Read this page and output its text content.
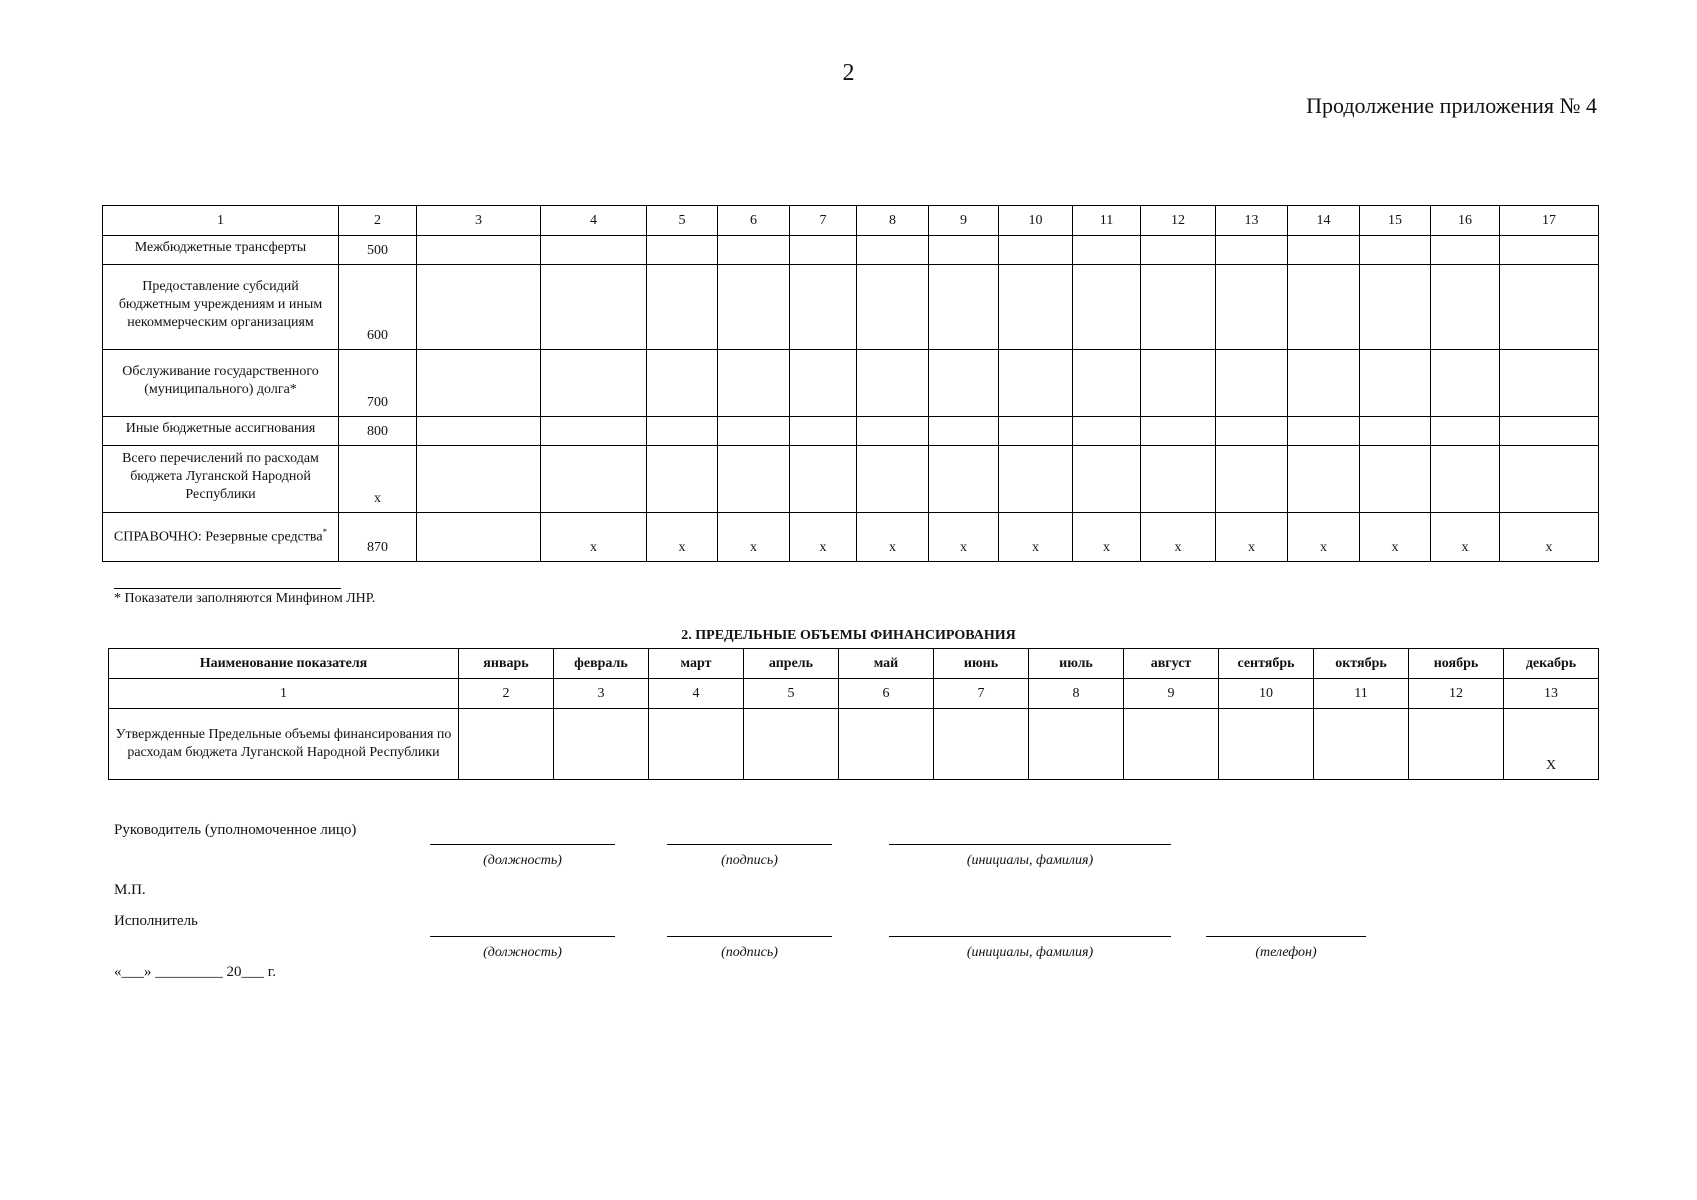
2
Продолжение приложения № 4
1	2	3	4	5	6	7	8	9	10	11	12	13	14	15	16	17
Межбюджетные трансферты	500															
Предоставление субсидий бюджетным учреждениям и иным некоммерческим организациям	600															
Обслуживание государственного (муниципального) долга*	700															
Иные бюджетные ассигнования	800															
Всего перечислений по расходам бюджета Луганской Народной Республики	x															
СПРАВОЧНО: Резервные средства*	870		x	x	x	x	x	x	x	x	x	x	x	x	x	x
* Показатели заполняются Минфином ЛНР.
2. ПРЕДЕЛЬНЫЕ ОБЪЕМЫ ФИНАНСИРОВАНИЯ
Наименование показателя	январь	февраль	март	апрель	май	июнь	июль	август	сентябрь	октябрь	ноябрь	декабрь
1	2	3	4	5	6	7	8	9	10	11	12	13
Утвержденные Предельные объемы финансирования по расходам бюджета Луганской Народной Республики												X
Руководитель (уполномоченное лицо)
(должность)	(подпись)	(инициалы, фамилия)
М.П.
Исполнитель
(должность)	(подпись)	(инициалы, фамилия)	(телефон)
«___» _________ 20___ г.
